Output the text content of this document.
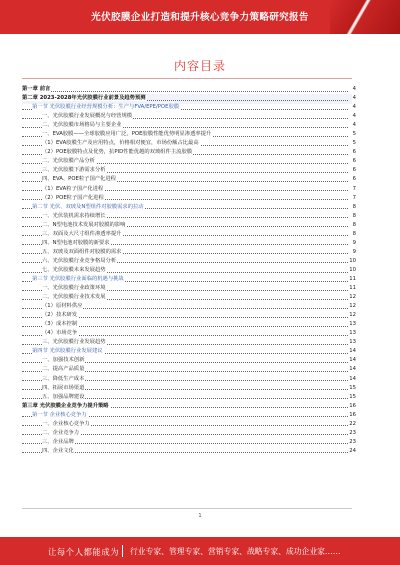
光伏胶膜企业打造和提升核心竞争力策略研究报告
内容目录
第一章 前言	4
第二章 2023-2028年光伏胶膜行业前景及趋势预测	4
第一节 光伏胶膜行业经营规模分析：生产与FVA/EPE/POE胶膜	4
一、光伏胶膜行业发展概况与经营规模	4
二、光伏胶膜市场格局与主要企业	4
一、EVA胶膜——全球胶膜应用广泛，POE胶膜性能优势明显渗透率提升	5
（1）EVA胶膜生产及应用特点，价格相对便宜，市场份额占比最高	5
（2）POE胶膜特点及优势，抗PID性能优越的双玻组件主流胶膜	6
二、光伏胶膜产品分析	6
三、光伏胶膜下游需求分析	6
四、EVA、POE粒子国产化进程	6
（1）EVA粒子国产化进程	7
（2）POE粒子国产化进程	7
第二节 光伏、双玻及N型组件对胶膜需求的拉动	8
一、光伏装机需求持续增长	8
二、N型电池技术发展对胶膜的影响	8
三、双面及大尺寸组件渗透率提升	8
四、N型电池对胶膜的新要求	9
五、双玻及双面组件对胶膜的需求	9
六、光伏胶膜行业竞争格局分析	10
七、光伏胶膜未来发展趋势	10
第三节 光伏胶膜行业面临的机遇与挑战	11
一、光伏胶膜行业政策环境	11
二、光伏胶膜行业技术发展	12
（1）原材料供应	12
（2）技术研发	12
（3）成本控制	13
（4）市场竞争	13
三、光伏胶膜行业发展趋势	13
第四节 光伏胶膜行业发展建议	14
一、加强技术创新	14
二、提高产品质量	14
三、降低生产成本	14
四、拓展市场渠道	15
五、加强品牌建设	15
第三章 光伏胶膜企业竞争力提升策略	16
第一节 企业核心竞争力	16
一、企业核心竞争力	22
二、企业竞争力	23
三、企业品牌	23
四、企业文化	24
1
让每个人都能成为 行业专家、管理专家、营销专家、战略专家、成功企业家……
